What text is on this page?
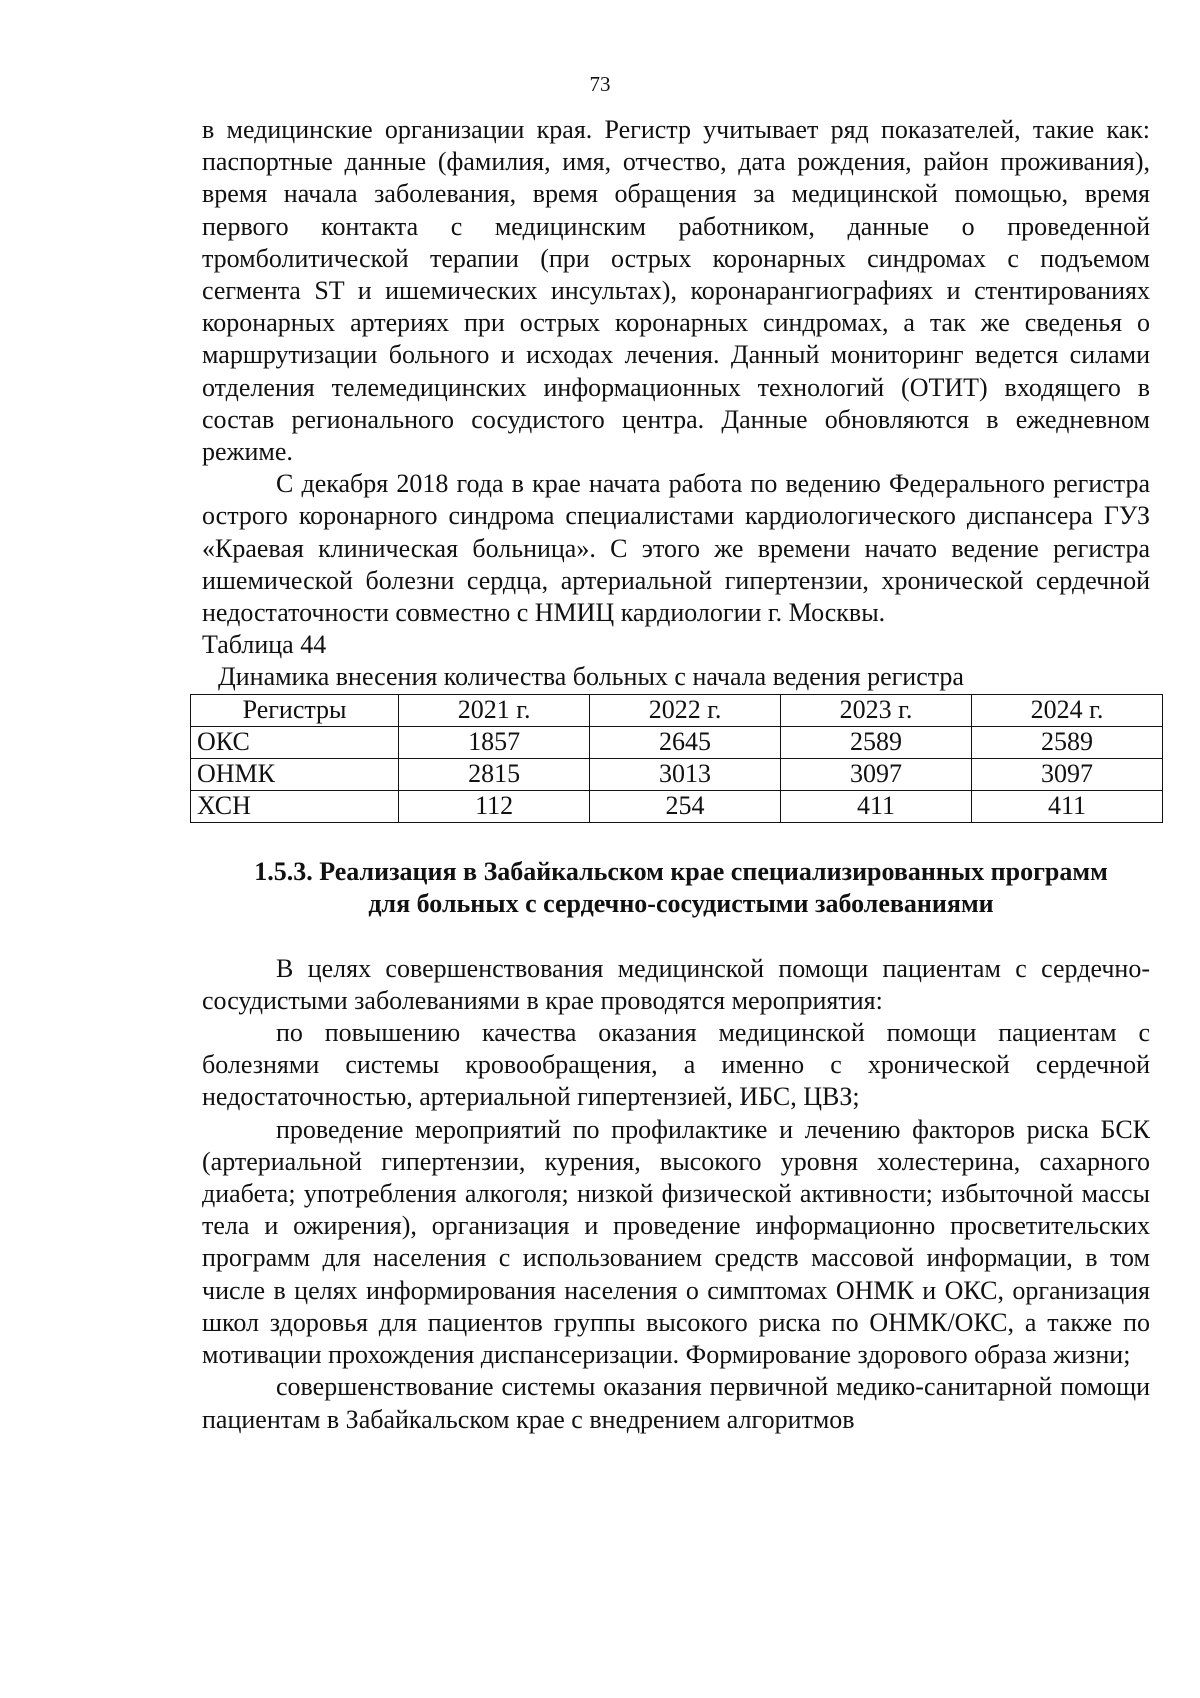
73

в медицинские организации края. Регистр учитывает ряд показателей, такие как: паспортные данные (фамилия, имя, отчество, дата рождения, район проживания), время начала заболевания, время обращения за медицинской помощью, время первого контакта с медицинским работником, данные о проведенной тромболитической терапии (при острых коронарных синдромах с подъемом сегмента ST и ишемических инсультах), коронарангиографиях и стентированиях коронарных артериях при острых коронарных синдромах, а так же сведенья о маршрутизации больного и исходах лечения. Данный мониторинг ведется силами отделения телемедицинских информационных технологий (ОТИТ) входящего в состав регионального сосудистого центра. Данные обновляются в ежедневном режиме.

С декабря 2018 года в крае начата работа по ведению Федерального регистра острого коронарного синдрома специалистами кардиологического диспансера ГУЗ «Краевая клиническая больница». С этого же времени начато ведение регистра ишемической болезни сердца, артериальной гипертензии, хронической сердечной недостаточности совместно с НМИЦ кардиологии г. Москвы.

Таблица 44

Динамика внесения количества больных с начала ведения регистра

Регистры	2021 г.	2022 г.	2023 г.	2024 г.
ОКС	1857	2645	2589	2589
ОНМК	2815	3013	3097	3097
ХСН	112	254	411	411
1.5.3. Реализация в Забайкальском крае специализированных программ
для больных с сердечно-сосудистыми заболеваниями

В целях совершенствования медицинской помощи пациентам с сердечно-сосудистыми заболеваниями в крае проводятся мероприятия:

по повышению качества оказания медицинской помощи пациентам с болезнями системы кровообращения, а именно с хронической сердечной недостаточностью, артериальной гипертензией, ИБС, ЦВЗ;

проведение мероприятий по профилактике и лечению факторов риска БСК (артериальной гипертензии, курения, высокого уровня холестерина, сахарного диабета; употребления алкоголя; низкой физической активности; избыточной массы тела и ожирения), организация и проведение информационно просветительских программ для населения с использованием средств массовой информации, в том числе в целях информирования населения о симптомах ОНМК и ОКС, организация школ здоровья для пациентов группы высокого риска по ОНМК/ОКС, а также по мотивации прохождения диспансеризации. Формирование здорового образа жизни;

совершенствование системы оказания первичной медико-санитарной помощи пациентам в Забайкальском крае с внедрением алгоритмов
